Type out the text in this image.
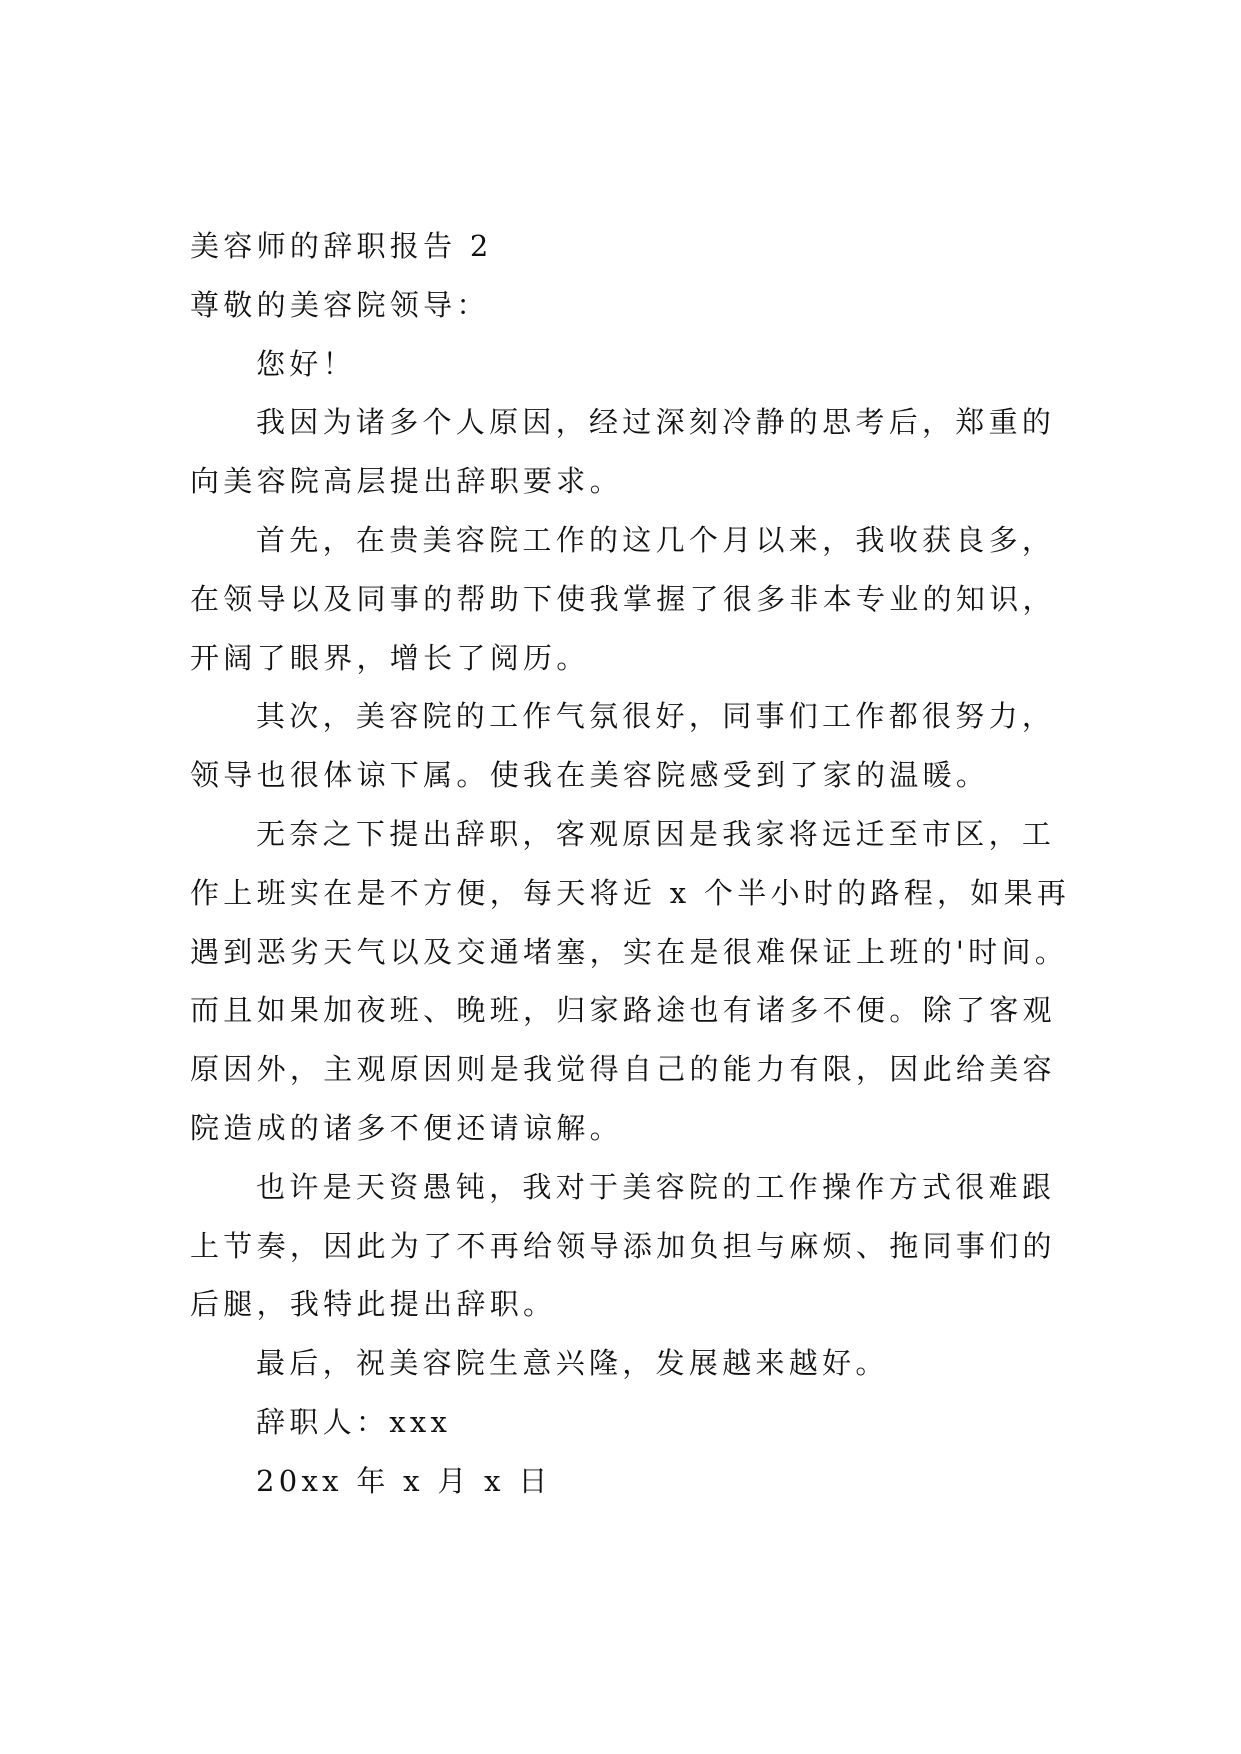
美容师的辞职报告 2
尊敬的美容院领导：
您好！
我因为诸多个人原因，经过深刻冷静的思考后，郑重的
向美容院高层提出辞职要求。
首先，在贵美容院工作的这几个月以来，我收获良多，
在领导以及同事的帮助下使我掌握了很多非本专业的知识，
开阔了眼界，增长了阅历。
其次，美容院的工作气氛很好，同事们工作都很努力，
领导也很体谅下属。使我在美容院感受到了家的温暖。
无奈之下提出辞职，客观原因是我家将远迁至市区，工
作上班实在是不方便，每天将近 x 个半小时的路程，如果再
遇到恶劣天气以及交通堵塞，实在是很难保证上班的'时间。
而且如果加夜班、晚班，归家路途也有诸多不便。除了客观
原因外，主观原因则是我觉得自己的能力有限，因此给美容
院造成的诸多不便还请谅解。
也许是天资愚钝，我对于美容院的工作操作方式很难跟
上节奏，因此为了不再给领导添加负担与麻烦、拖同事们的
后腿，我特此提出辞职。
最后，祝美容院生意兴隆，发展越来越好。
辞职人：xxx
20xx 年 x 月 x 日
